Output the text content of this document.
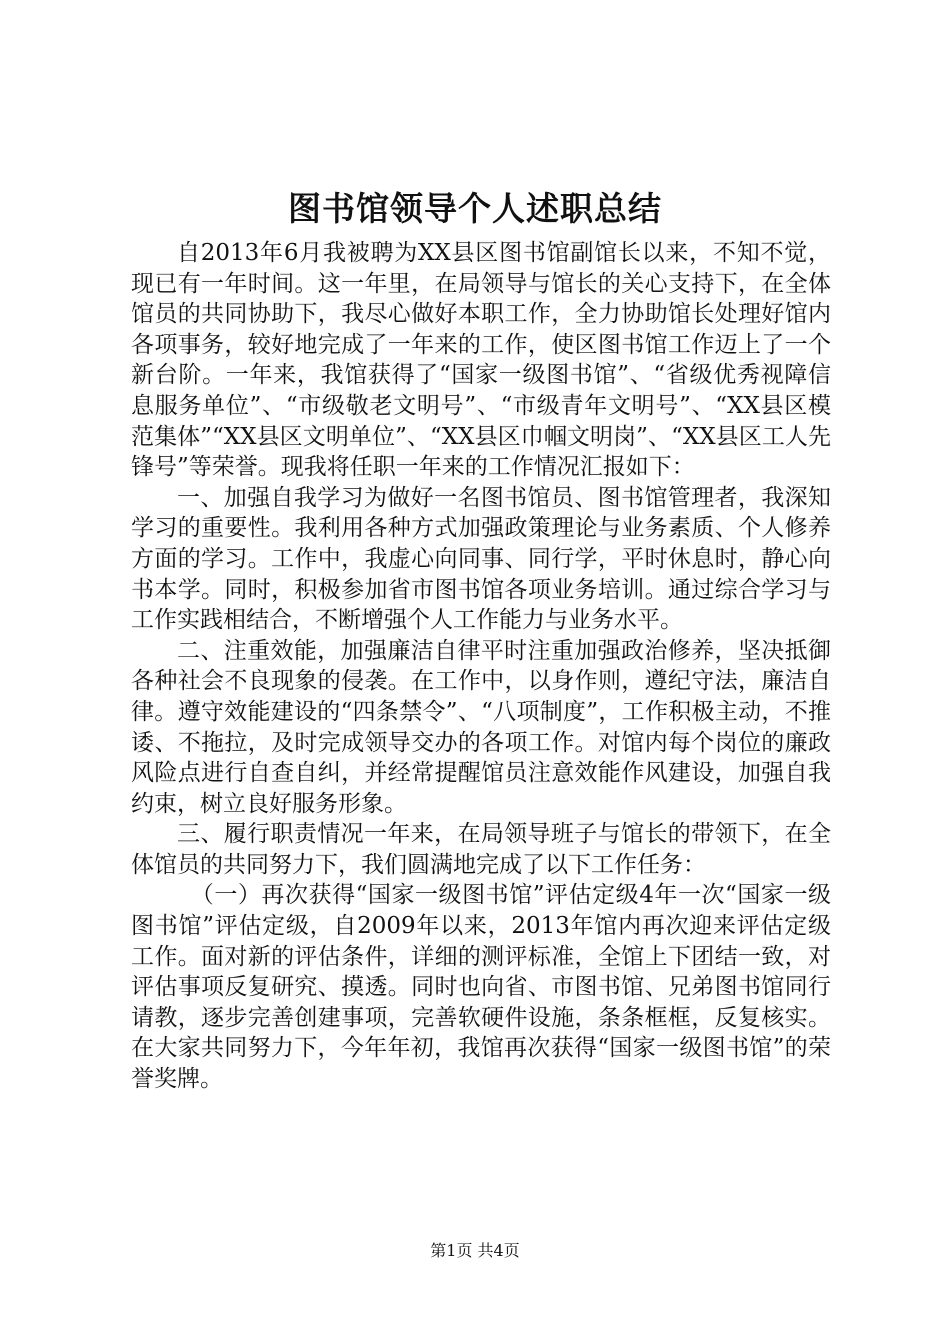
图书馆领导个人述职总结

自2013年6月我被聘为XX县区图书馆副馆长以来，不知不觉，现已有一年时间。这一年里，在局领导与馆长的关心支持下，在全体馆员的共同协助下，我尽心做好本职工作，全力协助馆长处理好馆内各项事务，较好地完成了一年来的工作，使区图书馆工作迈上了一个新台阶。一年来，我馆获得了“国家一级图书馆”、“省级优秀视障信息服务单位”、“市级敬老文明号”、“市级青年文明号”、“XX县区模范集体”“XX县区文明单位”、“XX县区巾帼文明岗”、“XX县区工人先锋号”等荣誉。现我将任职一年来的工作情况汇报如下：

一、加强自我学习为做好一名图书馆员、图书馆管理者，我深知学习的重要性。我利用各种方式加强政策理论与业务素质、个人修养方面的学习。工作中，我虚心向同事、同行学，平时休息时，静心向书本学。同时，积极参加省市图书馆各项业务培训。通过综合学习与工作实践相结合，不断增强个人工作能力与业务水平。

二、注重效能，加强廉洁自律平时注重加强政治修养，坚决抵御各种社会不良现象的侵袭。在工作中，以身作则，遵纪守法，廉洁自律。遵守效能建设的“四条禁令”、“八项制度”，工作积极主动，不推诿、不拖拉，及时完成领导交办的各项工作。对馆内每个岗位的廉政风险点进行自查自纠，并经常提醒馆员注意效能作风建设，加强自我约束，树立良好服务形象。

三、履行职责情况一年来，在局领导班子与馆长的带领下，在全体馆员的共同努力下，我们圆满地完成了以下工作任务：

（一）再次获得“国家一级图书馆”评估定级4年一次“国家一级图书馆”评估定级，自2009年以来，2013年馆内再次迎来评估定级工作。面对新的评估条件，详细的测评标准，全馆上下团结一致，对评估事项反复研究、摸透。同时也向省、市图书馆、兄弟图书馆同行请教，逐步完善创建事项，完善软硬件设施，条条框框，反复核实。在大家共同努力下，今年年初，我馆再次获得“国家一级图书馆”的荣誉奖牌。

第1页 共4页
